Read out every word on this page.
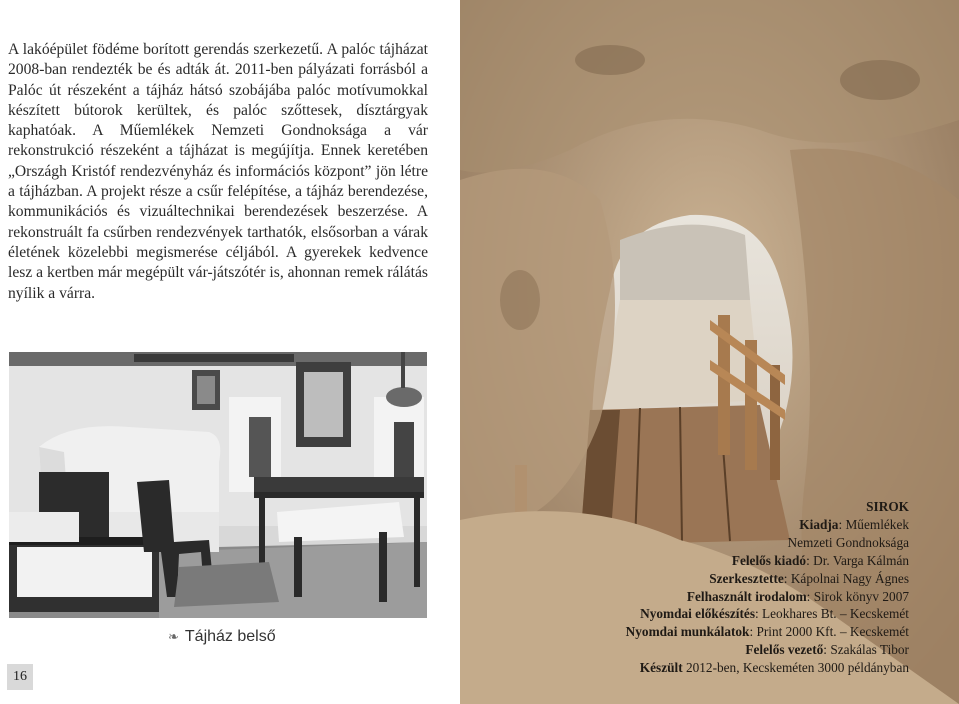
A lakóépület födéme borított gerendás szerkezetű. A palóc tájházat 2008-ban rendezték be és adták át. 2011-ben pályázati forrásból a Palóc út részeként a tájház hátsó szobájába palóc motívumokkal készített bútorok kerültek, és palóc szőttesek, dísztárgyak kaphatóak. A Műemlékek Nemzeti Gondnoksága a vár rekonstrukció részeként a tájházat is megújítja. Ennek keretében „Országh Kristóf rendezvényház és információs központ” jön létre a tájházban. A projekt része a csűr felépítése, a tájház berendezése, kommunikációs és vizuáltechnikai berendezések beszerzése. A rekonstruált fa csűrben rendezvények tarthatók, elsősorban a várak életének közelebbi megismerése céljából. A gyerekek kedvence lesz a kertben már megépült vár-játszótér is, ahonnan remek rálátás nyílik a várra.

❧ Tájház belső
16
SIROK
Kiadja: Műemlékek
Nemzeti Gondnoksága
Felelős kiadó: Dr. Varga Kálmán
Szerkesztette: Kápolnai Nagy Ágnes
Felhasznált irodalom: Sirok könyv 2007
Nyomdai előkészítés: Leokhares Bt. – Kecskemét
Nyomdai munkálatok: Print 2000 Kft. – Kecskemét
Felelős vezető: Szakálas Tibor
Készült 2012-ben, Kecskeméten 3000 példányban
